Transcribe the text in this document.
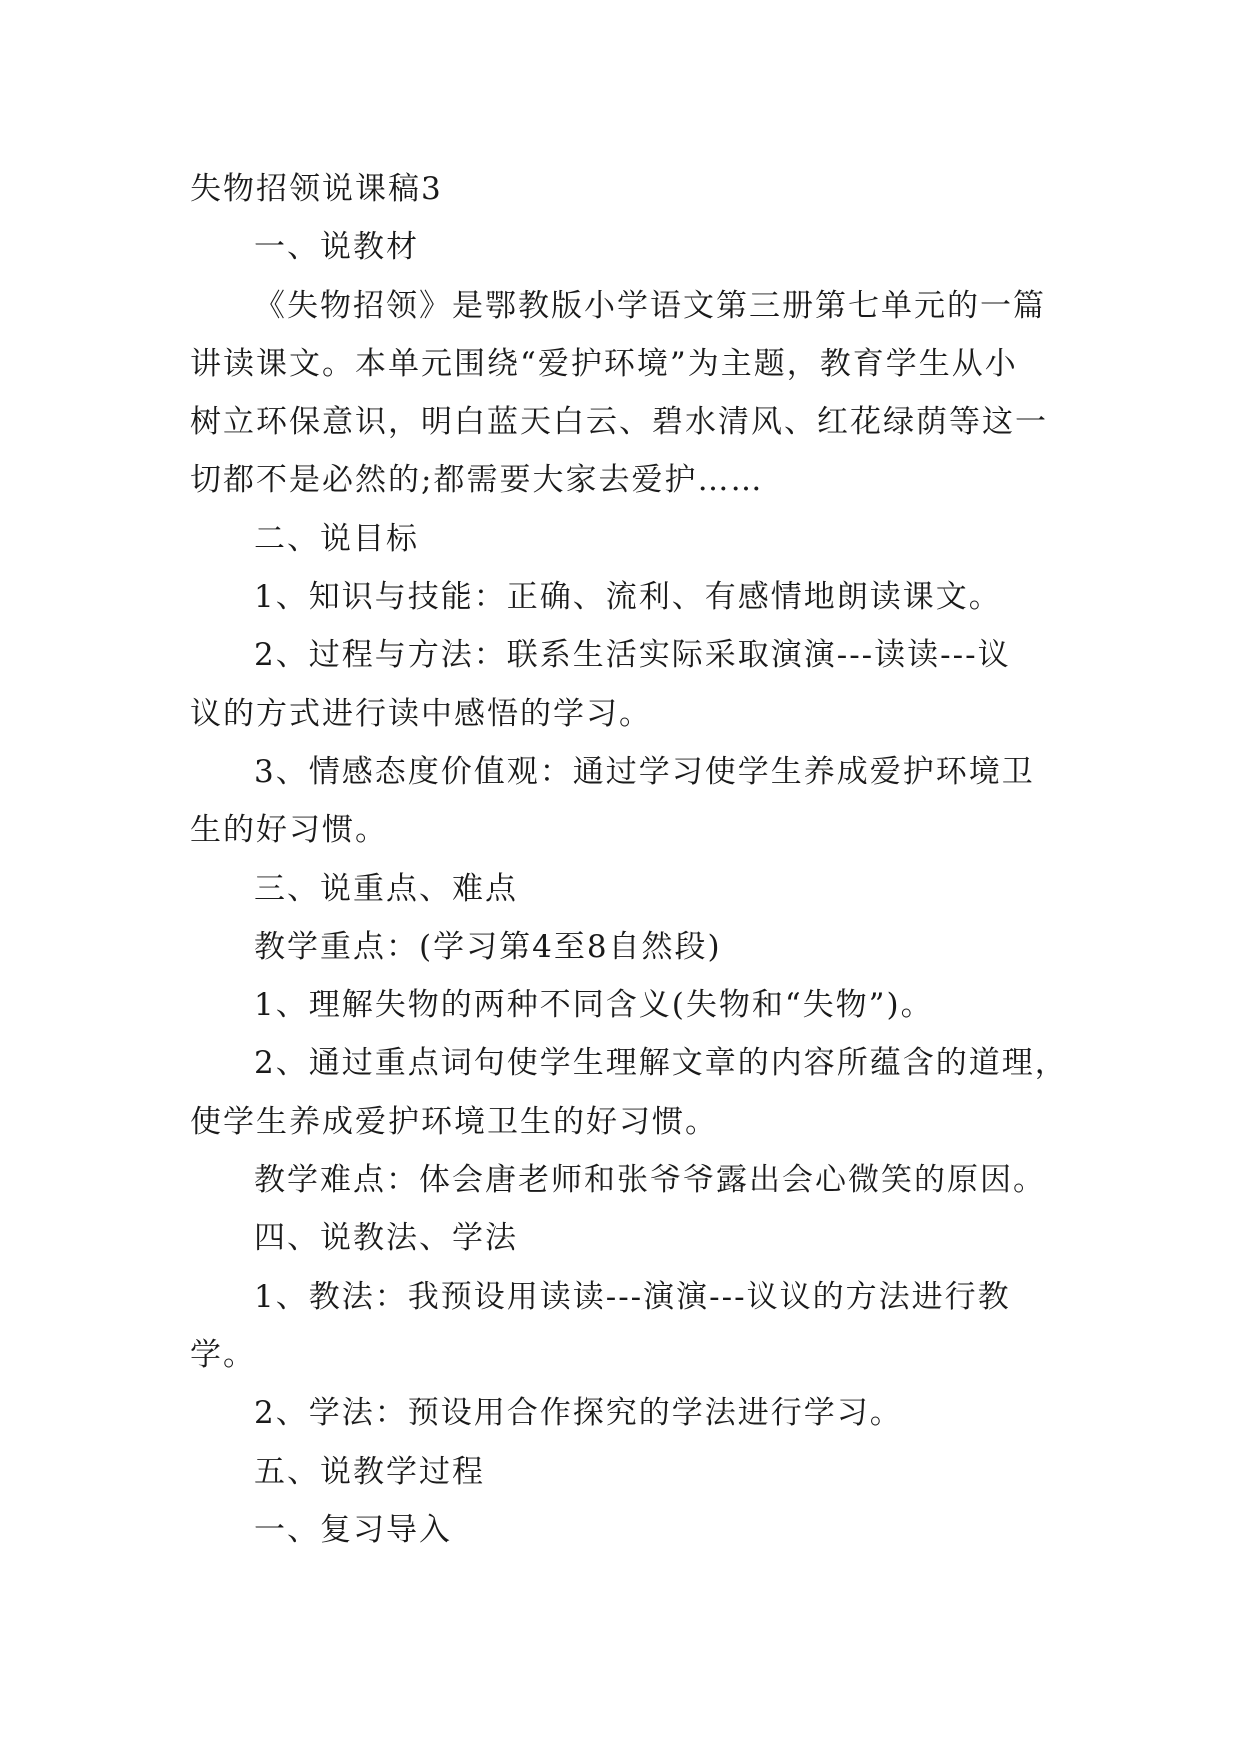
失物招领说课稿3
一、说教材
《失物招领》是鄂教版小学语文第三册第七单元的一篇
讲读课文。本单元围绕“爱护环境”为主题，教育学生从小
树立环保意识，明白蓝天白云、碧水清风、红花绿荫等这一
切都不是必然的;都需要大家去爱护……
二、说目标
1、知识与技能：正确、流利、有感情地朗读课文。
2、过程与方法：联系生活实际采取演演---读读---议
议的方式进行读中感悟的学习。
3、情感态度价值观：通过学习使学生养成爱护环境卫
生的好习惯。
三、说重点、难点
教学重点：(学习第4至8自然段)
1、理解失物的两种不同含义(失物和“失物”)。
2、通过重点词句使学生理解文章的内容所蕴含的道理，
使学生养成爱护环境卫生的好习惯。
教学难点：体会唐老师和张爷爷露出会心微笑的原因。
四、说教法、学法
1、教法：我预设用读读---演演---议议的方法进行教
学。
2、学法：预设用合作探究的学法进行学习。
五、说教学过程
一、复习导入
